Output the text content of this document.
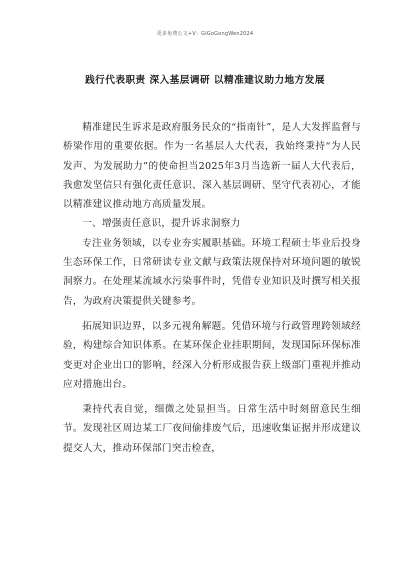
更多免费公文+V：GiGoGongWen2024
践行代表职责 深入基层调研 以精准建议助力地方发展

精准建民生诉求是政府服务民众的“指南针”，是人大发挥监督与桥梁作用的重要依据。作为一名基层人大代表，我始终秉持“为人民发声、为发展助力”的使命担当2025年3月当选新一届人大代表后，我愈发坚信只有强化责任意识、深入基层调研、坚守代表初心，才能以精准建议推动地方高质量发展。

一、增强责任意识，提升诉求洞察力

专注业务领域，以专业夯实履职基础。环境工程硕士毕业后投身生态环保工作，日常研读专业文献与政策法规保持对环境问题的敏锐洞察力。在处理某流域水污染事件时，凭借专业知识及时撰写相关报告，为政府决策提供关键参考。

拓展知识边界，以多元视角解题。凭借环境与行政管理跨领域经验，构建综合知识体系。在某环保企业挂职期间，发现国际环保标准变更对企业出口的影响，经深入分析形成报告获上级部门重视并推动应对措施出台。

秉持代表自觉，细微之处显担当。日常生活中时刻留意民生细节。发现社区周边某工厂夜间偷排废气后，迅速收集证据并形成建议提交人大，推动环保部门突击检查，
